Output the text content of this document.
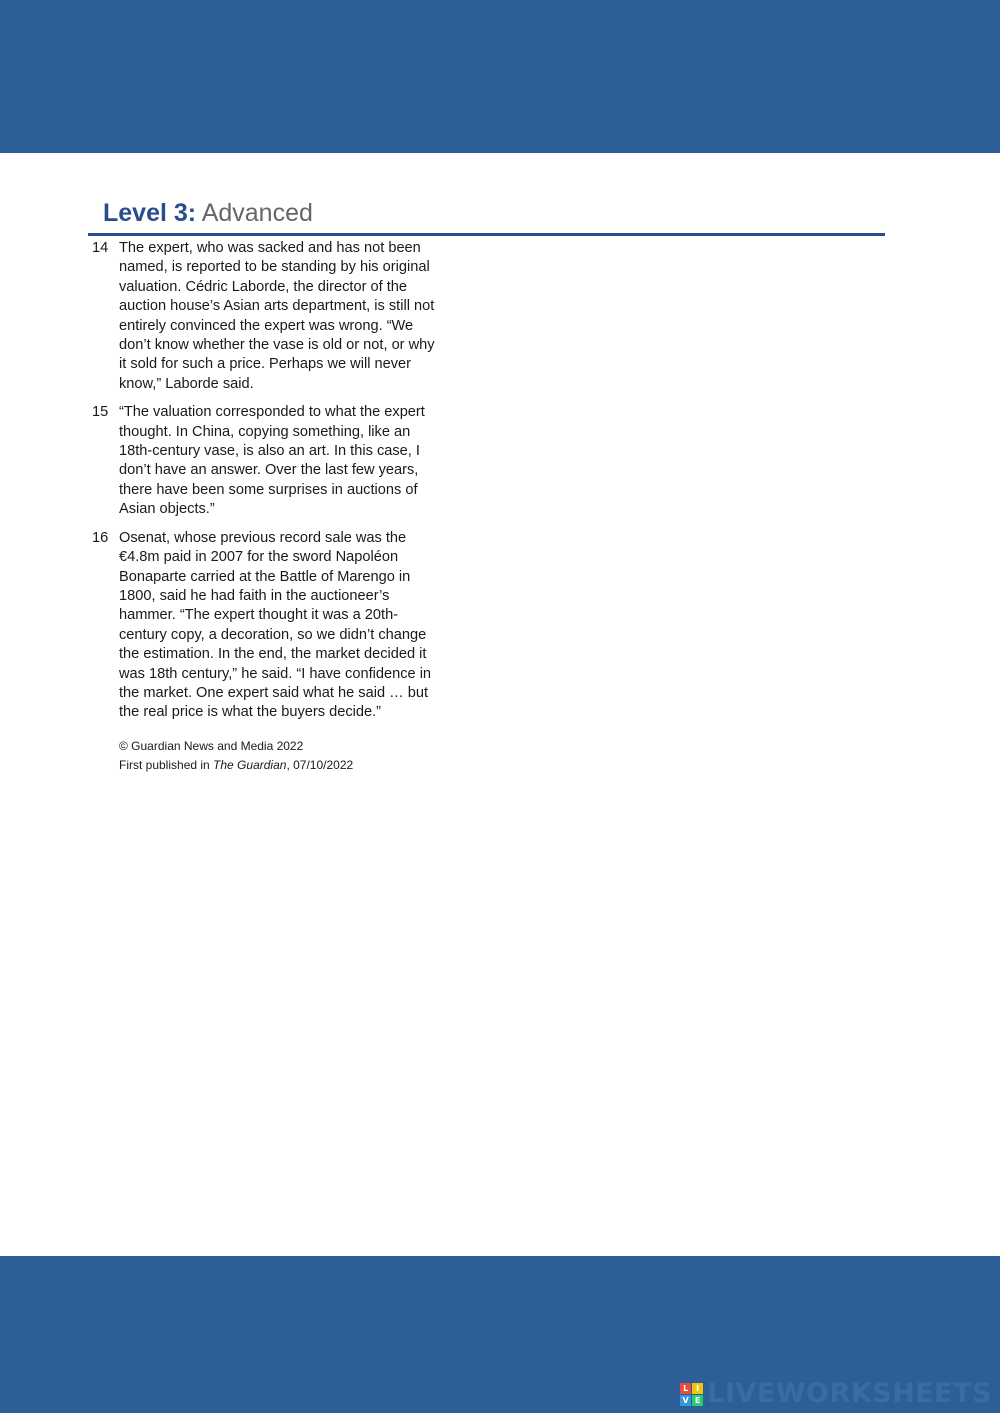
Level 3: Advanced
14 The expert, who was sacked and has not been named, is reported to be standing by his original valuation. Cédric Laborde, the director of the auction house’s Asian arts department, is still not entirely convinced the expert was wrong. “We don’t know whether the vase is old or not, or why it sold for such a price. Perhaps we will never know,” Laborde said.
15 “The valuation corresponded to what the expert thought. In China, copying something, like an 18th-century vase, is also an art. In this case, I don’t have an answer. Over the last few years, there have been some surprises in auctions of Asian objects.”
16 Osenat, whose previous record sale was the €4.8m paid in 2007 for the sword Napoléon Bonaparte carried at the Battle of Marengo in 1800, said he had faith in the auctioneer’s hammer. “The expert thought it was a 20th-century copy, a decoration, so we didn’t change the estimation. In the end, the market decided it was 18th century,” he said. “I have confidence in the market. One expert said what he said … but the real price is what the buyers decide.”
© Guardian News and Media 2022
First published in The Guardian, 07/10/2022
L I
V E LIVEWORKSHEETS
